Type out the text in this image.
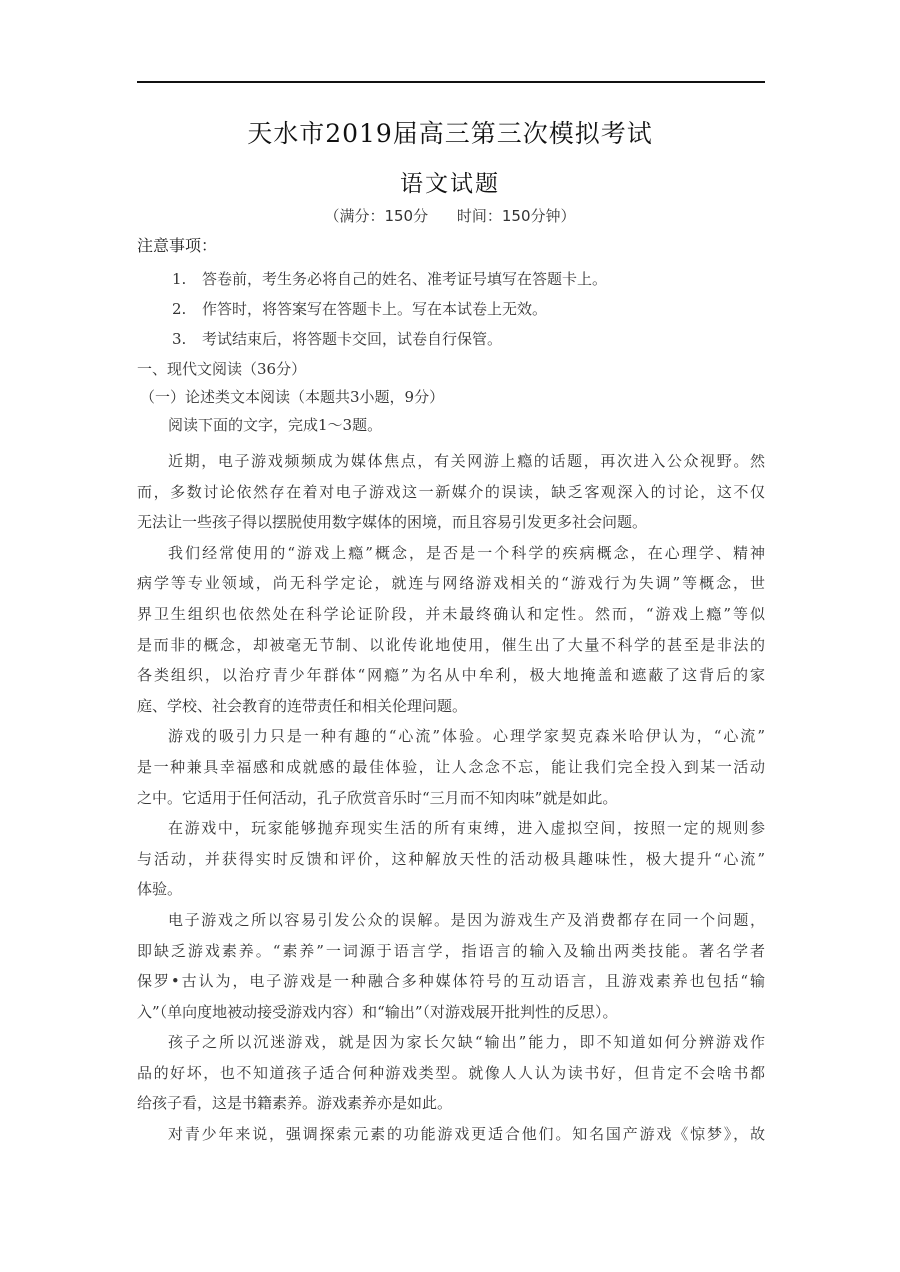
天水市2019届高三第三次模拟考试
语文试题
（满分：150分 时间：150分钟）
注意事项：
1. 答卷前，考生务必将自己的姓名、准考证号填写在答题卡上。
2. 作答时，将答案写在答题卡上。写在本试卷上无效。
3. 考试结束后，将答题卡交回，试卷自行保管。
一、现代文阅读（36分）
（一）论述类文本阅读（本题共3小题，9分）
阅读下面的文字，完成1～3题。
近期，电子游戏频频成为媒体焦点，有关网游上瘾的话题，再次进入公众视野。然
而，多数讨论依然存在着对电子游戏这一新媒介的误读，缺乏客观深入的讨论，这不仅
无法让一些孩子得以摆脱使用数字媒体的困境，而且容易引发更多社会问题。
我们经常使用的“游戏上瘾”概念，是否是一个科学的疾病概念，在心理学、精神
病学等专业领域，尚无科学定论，就连与网络游戏相关的“游戏行为失调”等概念，世
界卫生组织也依然处在科学论证阶段，并未最终确认和定性。然而，“游戏上瘾”等似
是而非的概念，却被毫无节制、以讹传讹地使用，催生出了大量不科学的甚至是非法的
各类组织，以治疗青少年群体“网瘾”为名从中牟利，极大地掩盖和遮蔽了这背后的家
庭、学校、社会教育的连带责任和相关伦理问题。
游戏的吸引力只是一种有趣的“心流”体验。心理学家契克森米哈伊认为，“心流”
是一种兼具幸福感和成就感的最佳体验，让人念念不忘，能让我们完全投入到某一活动
之中。它适用于任何活动，孔子欣赏音乐时“三月而不知肉味”就是如此。
在游戏中，玩家能够抛弃现实生活的所有束缚，进入虚拟空间，按照一定的规则参
与活动，并获得实时反馈和评价，这种解放天性的活动极具趣味性，极大提升“心流”
体验。
电子游戏之所以容易引发公众的误解。是因为游戏生产及消费都存在同一个问题，
即缺乏游戏素养。“素养”一词源于语言学，指语言的输入及输出两类技能。著名学者
保罗•古认为，电子游戏是一种融合多种媒体符号的互动语言，且游戏素养也包括“输
入”（单向度地被动接受游戏内容）和“输出”（对游戏展开批判性的反思）。
孩子之所以沉迷游戏，就是因为家长欠缺“输出”能力，即不知道如何分辨游戏作
品的好坏，也不知道孩子适合何种游戏类型。就像人人认为读书好，但肯定不会啥书都
给孩子看，这是书籍素养。游戏素养亦是如此。
对青少年来说，强调探索元素的功能游戏更适合他们。知名国产游戏《惊梦》，故
